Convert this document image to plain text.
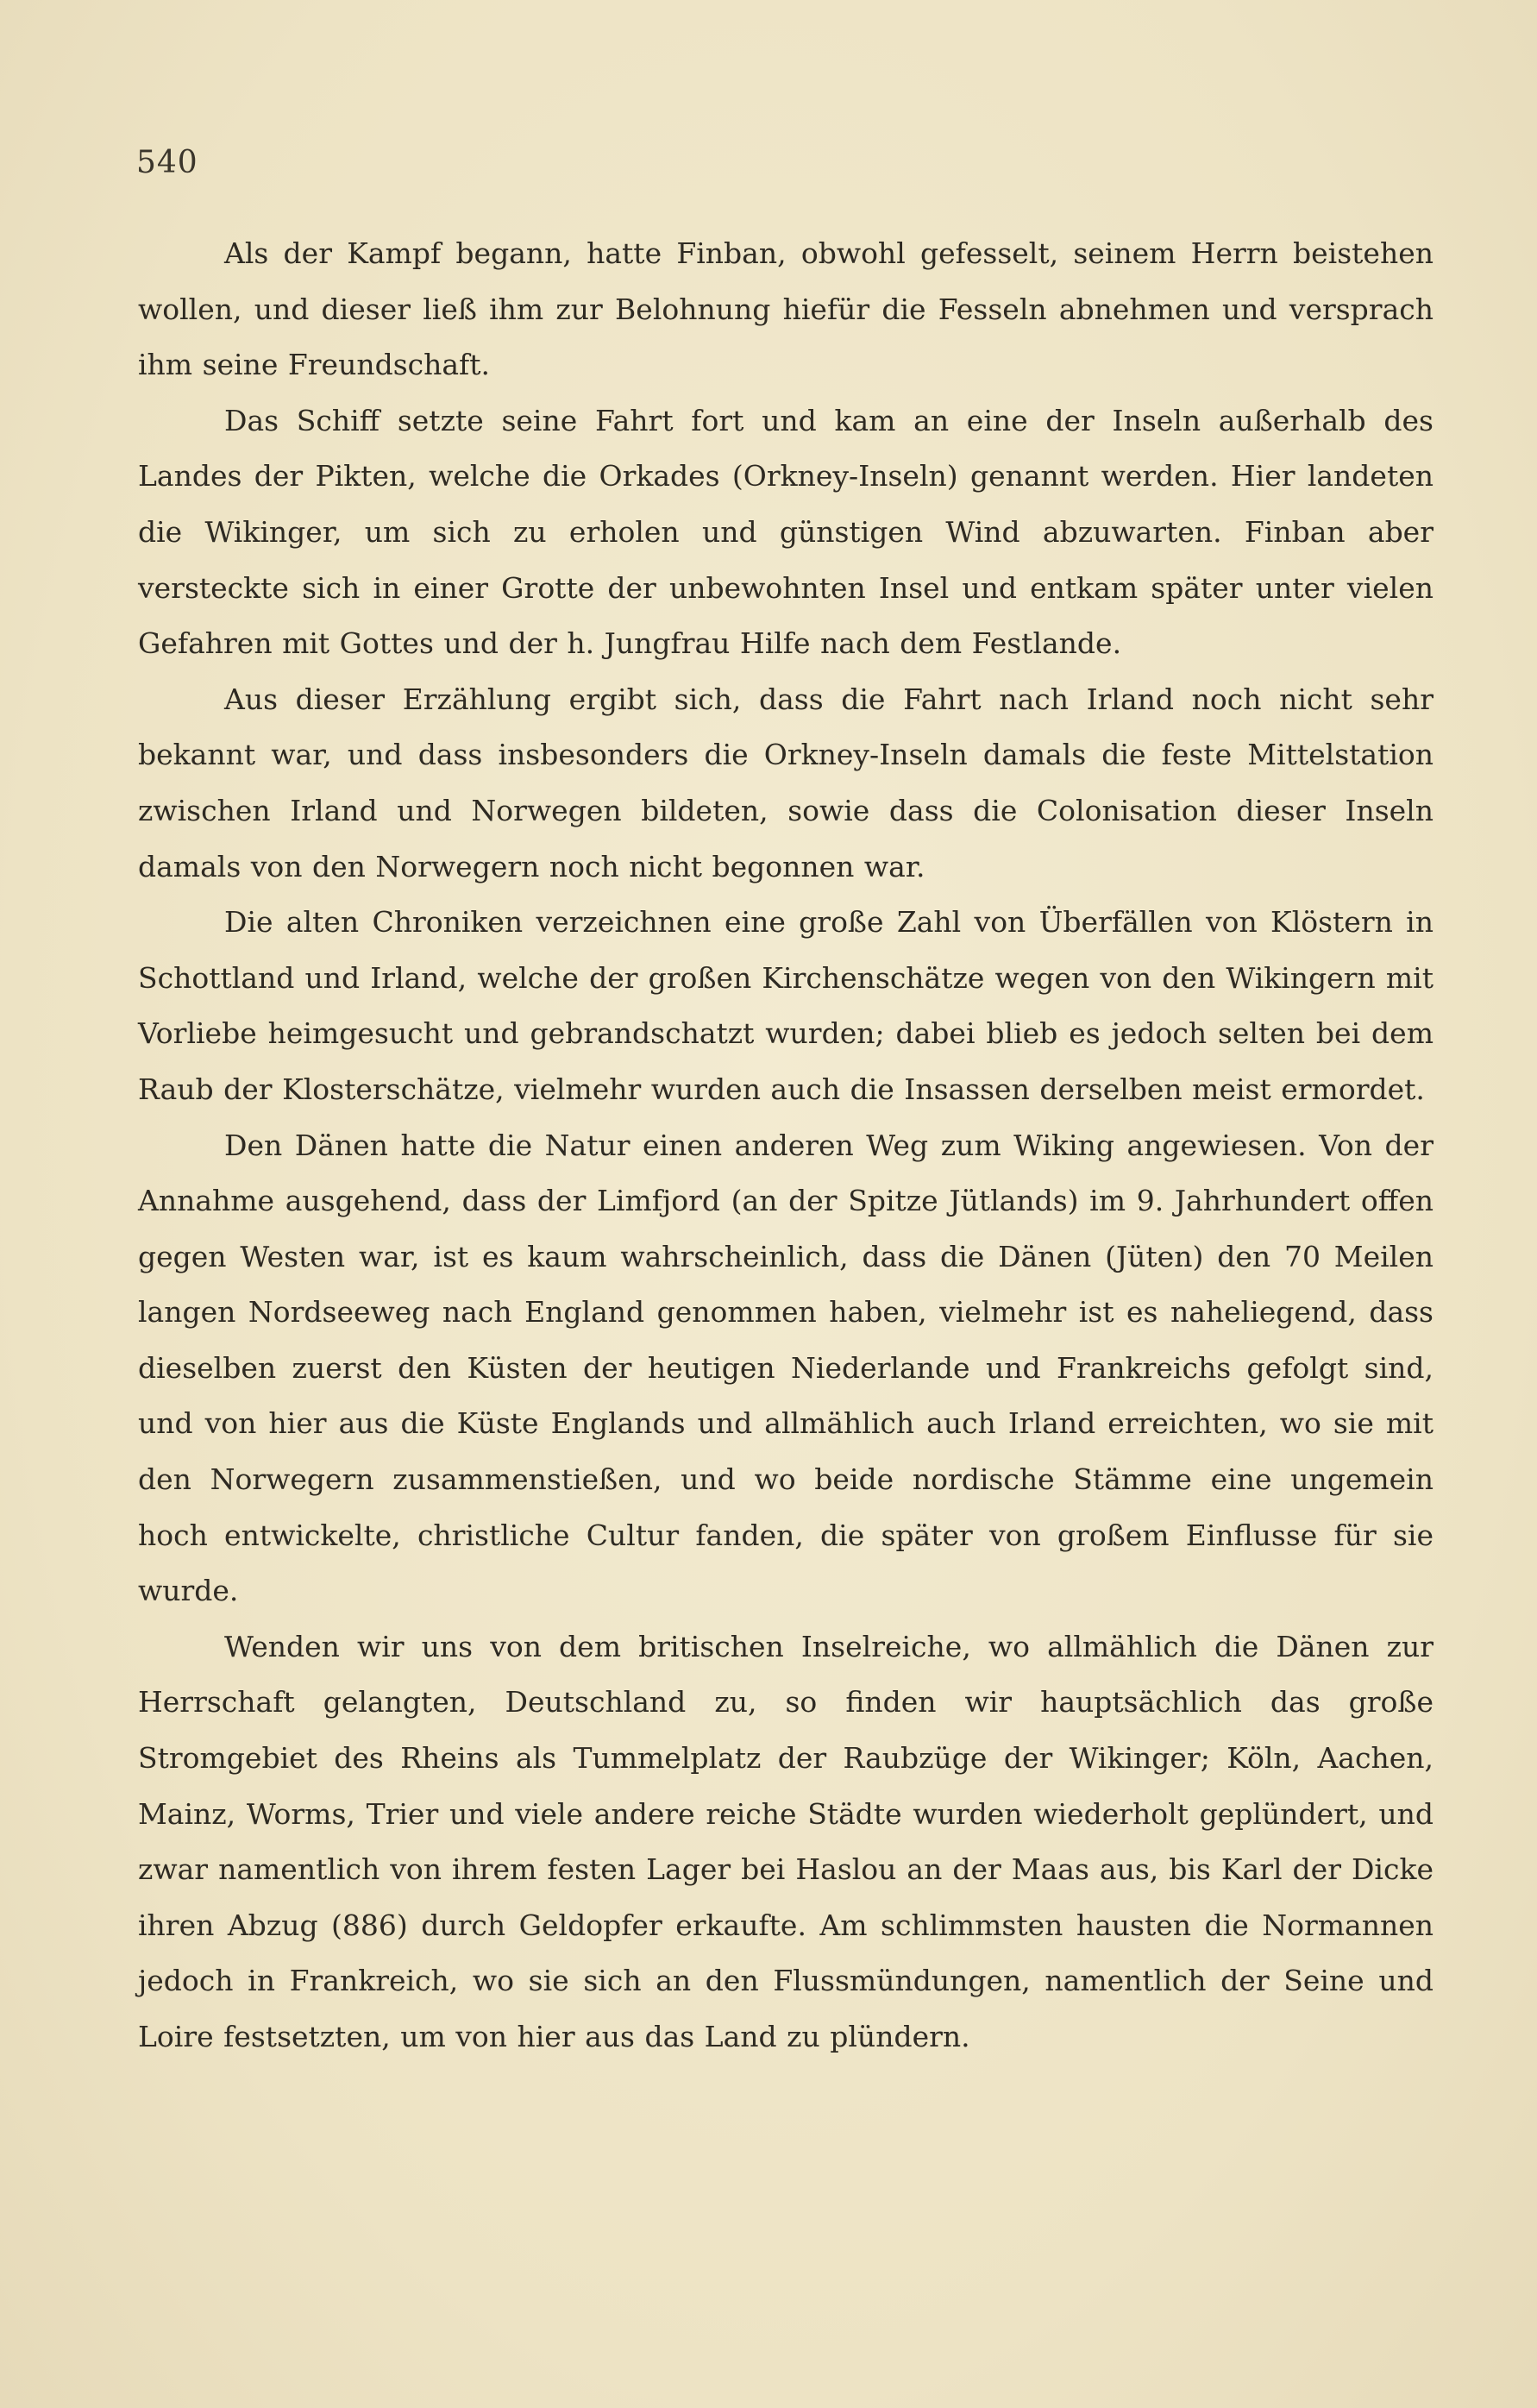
540

Als der Kampf begann, hatte Finban, obwohl gefesselt, seinem Herrn beistehen wollen, und dieser ließ ihm zur Belohnung hiefür die Fesseln abnehmen und versprach ihm seine Freundschaft.

Das Schiff setzte seine Fahrt fort und kam an eine der Inseln außerhalb des Landes der Pikten, welche die Orkades (Orkney-Inseln) genannt werden. Hier landeten die Wikinger, um sich zu erholen und günstigen Wind abzuwarten. Finban aber versteckte sich in einer Grotte der unbewohnten Insel und entkam später unter vielen Gefahren mit Gottes und der h. Jungfrau Hilfe nach dem Festlande.

Aus dieser Erzählung ergibt sich, dass die Fahrt nach Irland noch nicht sehr bekannt war, und dass insbesonders die Orkney-Inseln damals die feste Mittelstation zwischen Irland und Norwegen bildeten, sowie dass die Colonisation dieser Inseln damals von den Norwegern noch nicht begonnen war.

Die alten Chroniken verzeichnen eine große Zahl von Überfällen von Klöstern in Schottland und Irland, welche der großen Kirchenschätze wegen von den Wikingern mit Vorliebe heimgesucht und gebrandschatzt wurden; dabei blieb es jedoch selten bei dem Raub der Klosterschätze, vielmehr wurden auch die Insassen derselben meist ermordet.

Den Dänen hatte die Natur einen anderen Weg zum Wiking angewiesen. Von der Annahme ausgehend, dass der Limfjord (an der Spitze Jütlands) im 9. Jahrhundert offen gegen Westen war, ist es kaum wahrscheinlich, dass die Dänen (Jüten) den 70 Meilen langen Nordseeweg nach England genommen haben, vielmehr ist es naheliegend, dass dieselben zuerst den Küsten der heutigen Niederlande und Frankreichs gefolgt sind, und von hier aus die Küste Englands und allmählich auch Irland erreichten, wo sie mit den Norwegern zusammenstießen, und wo beide nordische Stämme eine ungemein hoch entwickelte, christliche Cultur fanden, die später von großem Einflusse für sie wurde.

Wenden wir uns von dem britischen Inselreiche, wo allmählich die Dänen zur Herrschaft gelangten, Deutschland zu, so finden wir hauptsächlich das große Stromgebiet des Rheins als Tummelplatz der Raubzüge der Wikinger; Köln, Aachen, Mainz, Worms, Trier und viele andere reiche Städte wurden wiederholt geplündert, und zwar namentlich von ihrem festen Lager bei Haslou an der Maas aus, bis Karl der Dicke ihren Abzug (886) durch Geldopfer erkaufte. Am schlimmsten hausten die Normannen jedoch in Frankreich, wo sie sich an den Flussmündungen, namentlich der Seine und Loire festsetzten, um von hier aus das Land zu plündern.
